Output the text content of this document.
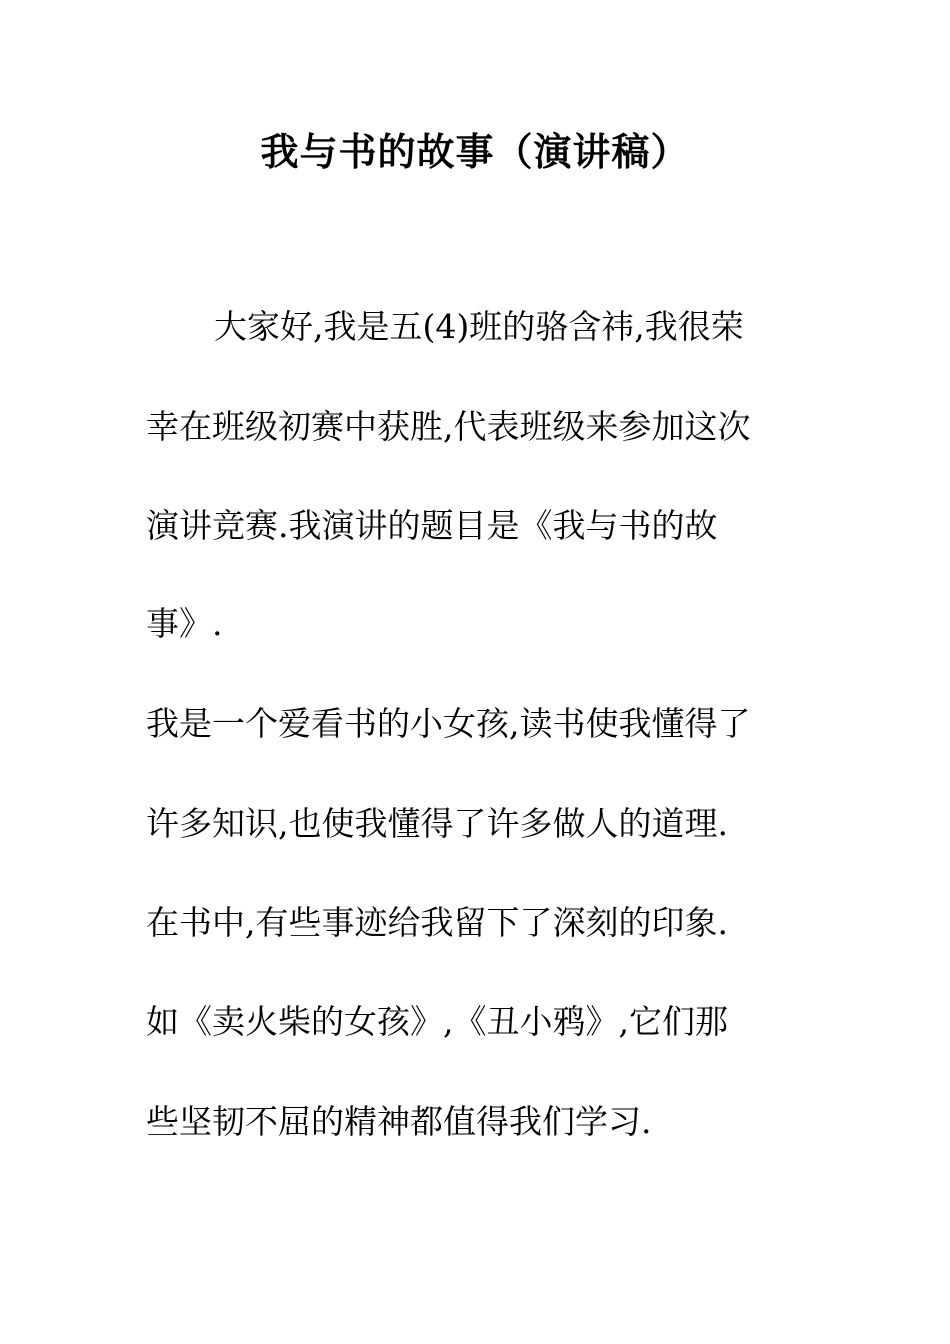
我与书的故事（演讲稿）

大家好,我是五(4)班的骆含祎,我很荣

幸在班级初赛中获胜,代表班级来参加这次

演讲竞赛.我演讲的题目是《我与书的故

事》.

我是一个爱看书的小女孩,读书使我懂得了

许多知识,也使我懂得了许多做人的道理.

在书中,有些事迹给我留下了深刻的印象.

如《卖火柴的女孩》,《丑小鸦》,它们那

些坚韧不屈的精神都值得我们学习.
